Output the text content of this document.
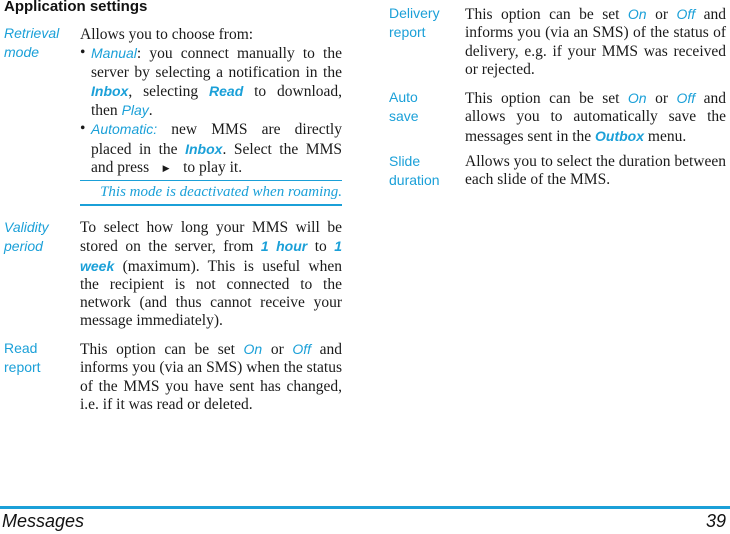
Application settings
Retrieval
mode
Allows you to choose from:
• Manual: you connect manually to the server by selecting a notification in the Inbox, selecting Read to download, then Play.
• Automatic: new MMS are directly placed in the Inbox. Select the MMS and press ▶ to play it.
This mode is deactivated when roaming.
Validity
period
To select how long your MMS will be stored on the server, from 1 hour to 1 week (maximum). This is useful when the recipient is not connected to the network (and thus cannot receive your message immediately).
Read
report
This option can be set On or Off and informs you (via an SMS) when the status of the MMS you have sent has changed, i.e. if it was read or deleted.
Delivery
report
This option can be set On or Off and informs you (via an SMS) of the status of delivery, e.g. if your MMS was received or rejected.
Auto
save
This option can be set On or Off and allows you to automatically save the messages sent in the Outbox menu.
Slide
duration
Allows you to select the duration between each slide of the MMS.
Messages	39
